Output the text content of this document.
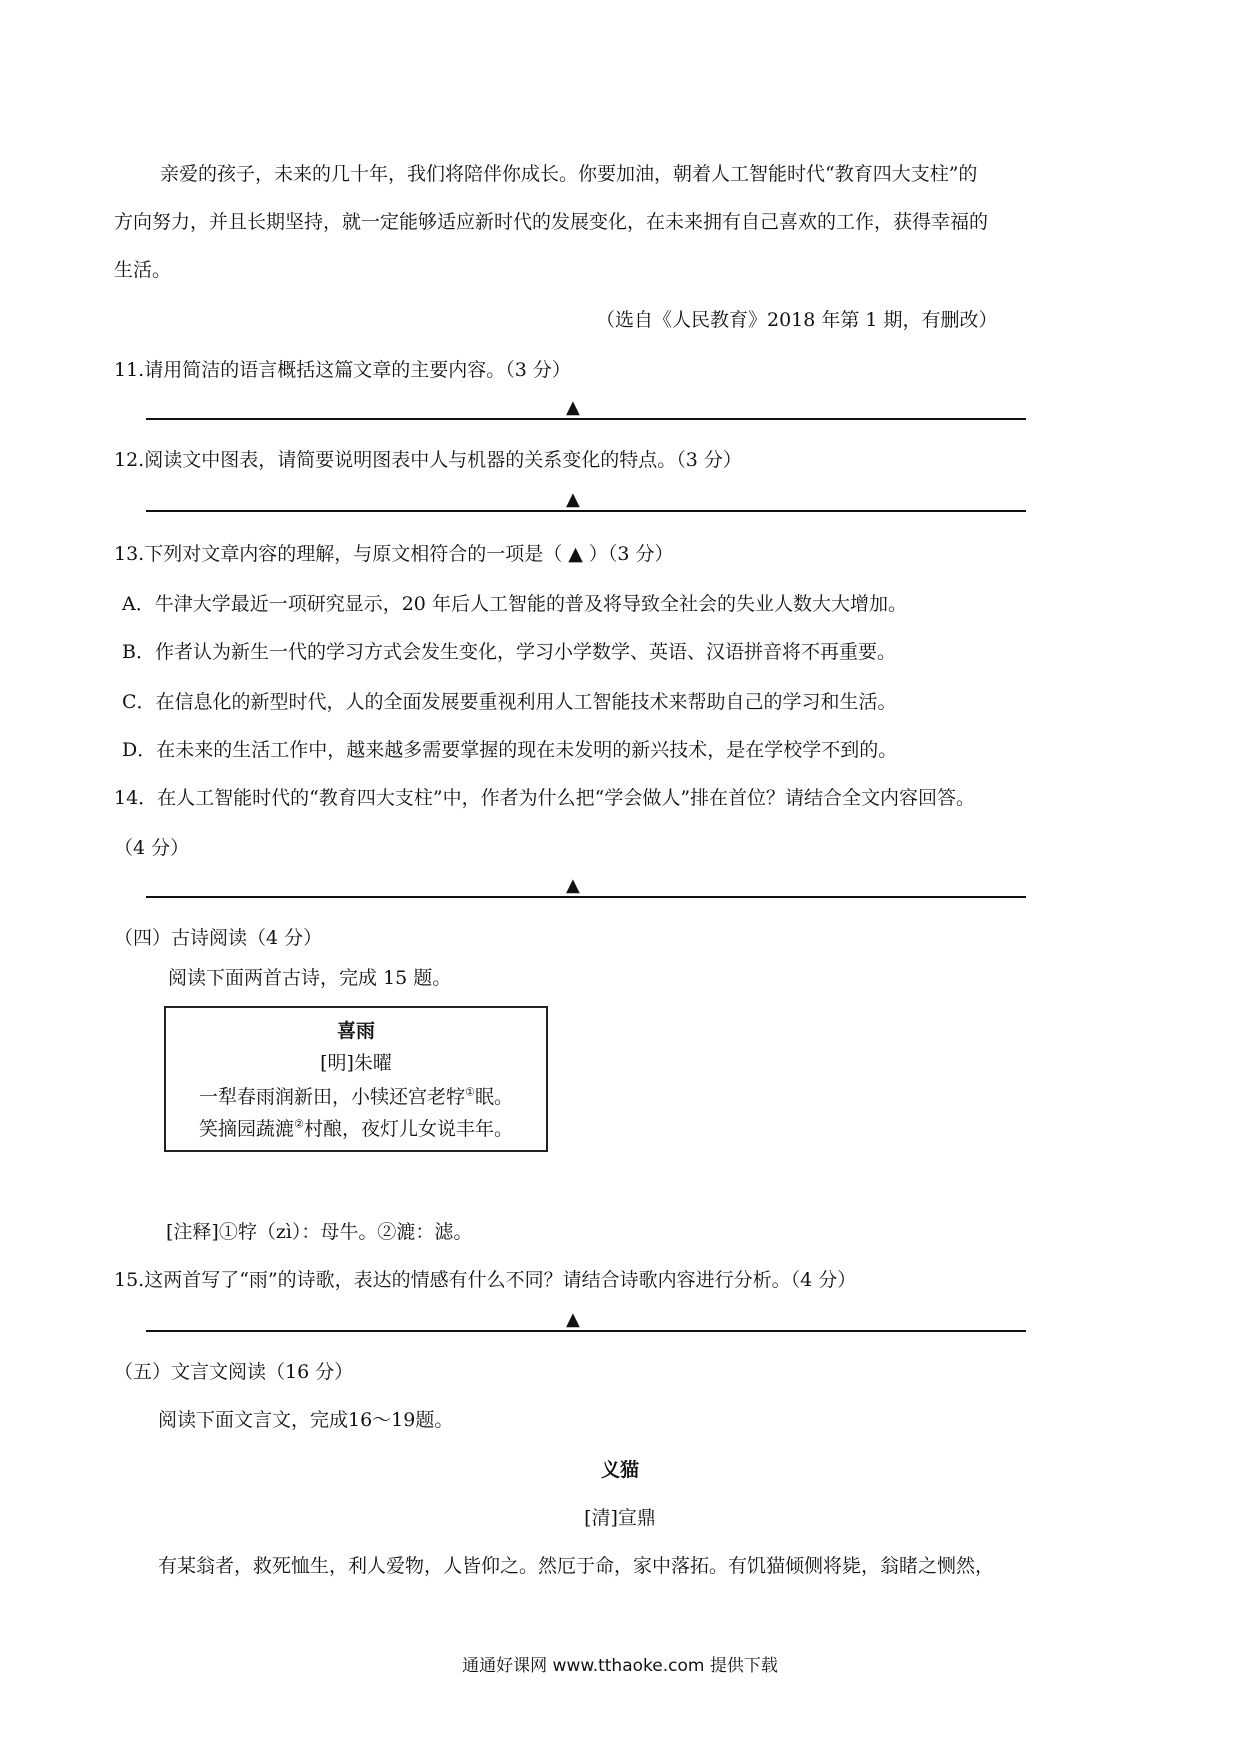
亲爱的孩子，未来的几十年，我们将陪伴你成长。你要加油，朝着人工智能时代“教育四大支柱”的
方向努力，并且长期坚持，就一定能够适应新时代的发展变化，在未来拥有自己喜欢的工作，获得幸福的
生活。
（选自《人民教育》2018 年第 1 期，有删改）
11.请用简洁的语言概括这篇文章的主要内容。（3 分）
▲
12.阅读文中图表，请简要说明图表中人与机器的关系变化的特点。（3 分）
▲
13.下列对文章内容的理解，与原文相符合的一项是（ ▲ ）（3 分）
A．牛津大学最近一项研究显示，20 年后人工智能的普及将导致全社会的失业人数大大增加。
B．作者认为新生一代的学习方式会发生变化，学习小学数学、英语、汉语拼音将不再重要。
C．在信息化的新型时代，人的全面发展要重视利用人工智能技术来帮助自己的学习和生活。
D．在未来的生活工作中，越来越多需要掌握的现在未发明的新兴技术，是在学校学不到的。
14．在人工智能时代的“教育四大支柱”中，作者为什么把“学会做人”排在首位？请结合全文内容回答。
（4 分）
▲
（四）古诗阅读（4 分）
阅读下面两首古诗，完成 15 题。
喜雨
[明]朱曜
一犁春雨润新田，小犊还宫老牸①眠。
笑摘园蔬漉②村酿，夜灯儿女说丰年。
[注释]①牸（zì）：母牛。②漉：滤。
15.这两首写了“雨”的诗歌，表达的情感有什么不同？请结合诗歌内容进行分析。（4 分）
▲
（五）文言文阅读（16 分）
阅读下面文言文，完成16～19题。
义猫
[清]宣鼎
有某翁者，救死恤生，利人爱物，人皆仰之。然厄于命，家中落拓。有饥猫倾侧将毙，翁睹之恻然，
通通好课网 www.tthaoke.com 提供下载
